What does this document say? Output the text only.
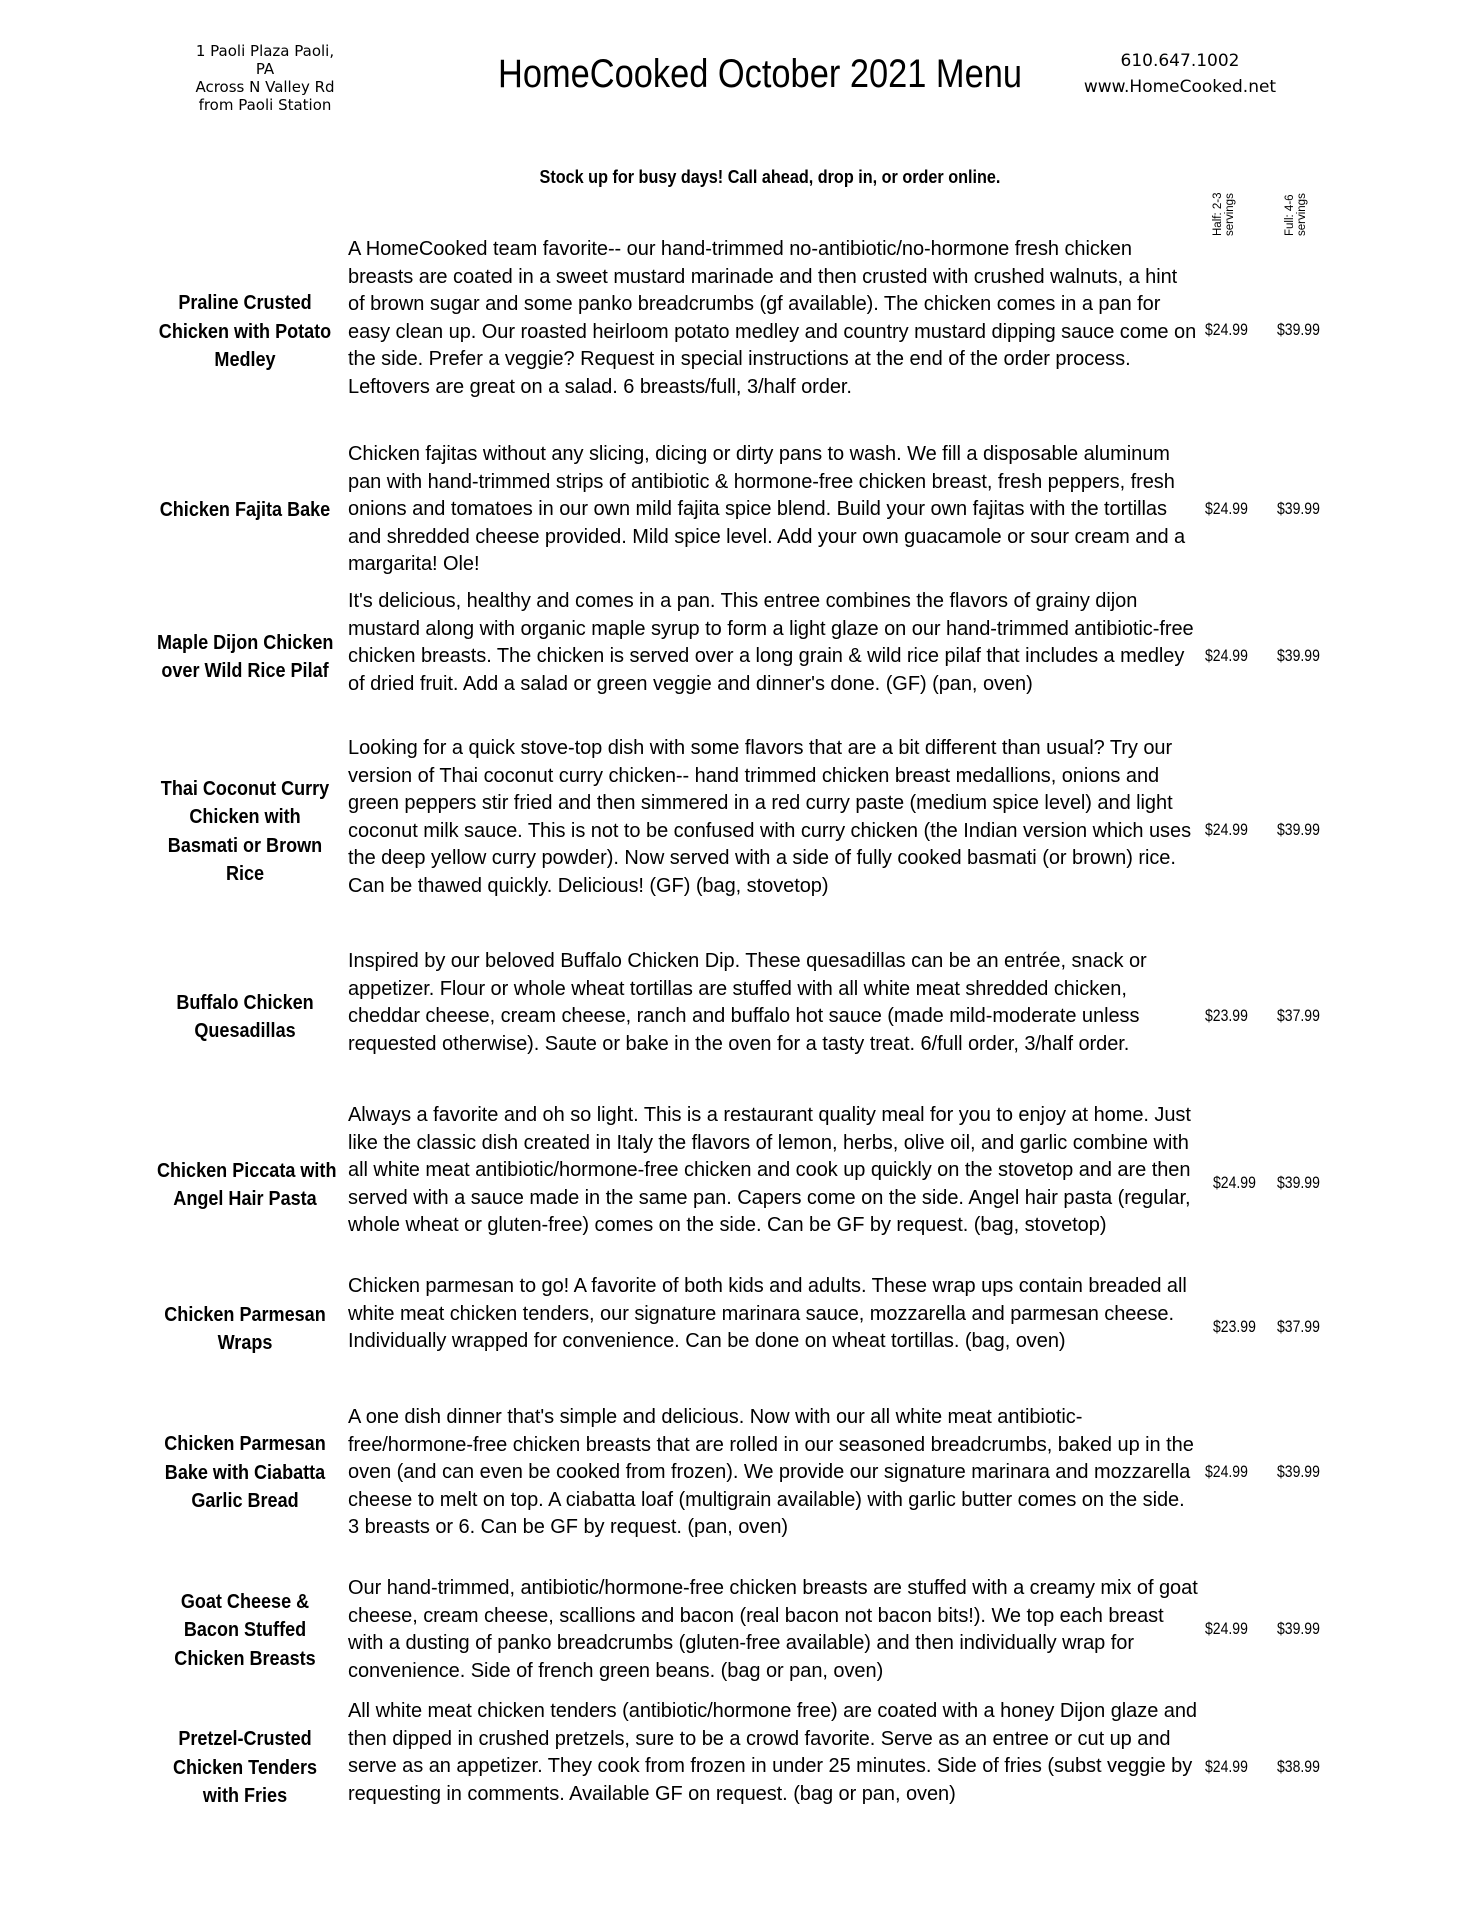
1 Paoli Plaza Paoli,
PA
Across N Valley Rd
from Paoli Station
HomeCooked October 2021 Menu	610.647.1002
www.HomeCooked.net
Stock up for busy days! Call ahead, drop in, or order online.
Half: 2-3 servings	Full: 4-6 servings
Praline Crusted
Chicken with Potato
Medley
A HomeCooked team favorite-- our hand-trimmed no-antibiotic/no-hormone fresh chicken breasts are coated in a sweet mustard marinade and then crusted with crushed walnuts, a hint of brown sugar and some panko breadcrumbs (gf available). The chicken comes in a pan for easy clean up. Our roasted heirloom potato medley and country mustard dipping sauce come on the side. Prefer a veggie? Request in special instructions at the end of the order process. Leftovers are great on a salad. 6 breasts/full, 3/half order.
$24.99 $39.99
Chicken Fajita Bake
Chicken fajitas without any slicing, dicing or dirty pans to wash. We fill a disposable aluminum pan with hand-trimmed strips of antibiotic & hormone-free chicken breast, fresh peppers, fresh onions and tomatoes in our own mild fajita spice blend. Build your own fajitas with the tortillas and shredded cheese provided. Mild spice level. Add your own guacamole or sour cream and a margarita! Ole!
$24.99 $39.99
Maple Dijon Chicken
over Wild Rice Pilaf
It's delicious, healthy and comes in a pan. This entree combines the flavors of grainy dijon mustard along with organic maple syrup to form a light glaze on our hand-trimmed antibiotic-free chicken breasts. The chicken is served over a long grain & wild rice pilaf that includes a medley of dried fruit. Add a salad or green veggie and dinner's done. (GF) (pan, oven)
$24.99 $39.99
Thai Coconut Curry
Chicken with
Basmati or Brown
Rice
Looking for a quick stove-top dish with some flavors that are a bit different than usual? Try our version of Thai coconut curry chicken-- hand trimmed chicken breast medallions, onions and green peppers stir fried and then simmered in a red curry paste (medium spice level) and light coconut milk sauce. This is not to be confused with curry chicken (the Indian version which uses the deep yellow curry powder). Now served with a side of fully cooked basmati (or brown) rice. Can be thawed quickly. Delicious! (GF) (bag, stovetop)
$24.99 $39.99
Buffalo Chicken
Quesadillas
Inspired by our beloved Buffalo Chicken Dip. These quesadillas can be an entrée, snack or appetizer. Flour or whole wheat tortillas are stuffed with all white meat shredded chicken, cheddar cheese, cream cheese, ranch and buffalo hot sauce (made mild-moderate unless requested otherwise). Saute or bake in the oven for a tasty treat. 6/full order, 3/half order.
$23.99 $37.99
Chicken Piccata with
Angel Hair Pasta
Always a favorite and oh so light. This is a restaurant quality meal for you to enjoy at home. Just like the classic dish created in Italy the flavors of lemon, herbs, olive oil, and garlic combine with all white meat antibiotic/hormone-free chicken and cook up quickly on the stovetop and are then served with a sauce made in the same pan. Capers come on the side. Angel hair pasta (regular, whole wheat or gluten-free) comes on the side. Can be GF by request. (bag, stovetop)
$24.99 $39.99
Chicken Parmesan
Wraps
Chicken parmesan to go! A favorite of both kids and adults. These wrap ups contain breaded all white meat chicken tenders, our signature marinara sauce, mozzarella and parmesan cheese. Individually wrapped for convenience. Can be done on wheat tortillas. (bag, oven)
$23.99 $37.99
Chicken Parmesan
Bake with Ciabatta
Garlic Bread
A one dish dinner that's simple and delicious. Now with our all white meat antibiotic-free/hormone-free chicken breasts that are rolled in our seasoned breadcrumbs, baked up in the oven (and can even be cooked from frozen). We provide our signature marinara and mozzarella cheese to melt on top. A ciabatta loaf (multigrain available) with garlic butter comes on the side. 3 breasts or 6. Can be GF by request. (pan, oven)
$24.99 $39.99
Goat Cheese &
Bacon Stuffed
Chicken Breasts
Our hand-trimmed, antibiotic/hormone-free chicken breasts are stuffed with a creamy mix of goat cheese, cream cheese, scallions and bacon (real bacon not bacon bits!). We top each breast with a dusting of panko breadcrumbs (gluten-free available) and then individually wrap for convenience. Side of french green beans. (bag or pan, oven)
$24.99 $39.99
Pretzel-Crusted
Chicken Tenders
with Fries
All white meat chicken tenders (antibiotic/hormone free) are coated with a honey Dijon glaze and then dipped in crushed pretzels, sure to be a crowd favorite. Serve as an entree or cut up and serve as an appetizer. They cook from frozen in under 25 minutes. Side of fries (subst veggie by requesting in comments. Available GF on request. (bag or pan, oven)
$24.99 $38.99
